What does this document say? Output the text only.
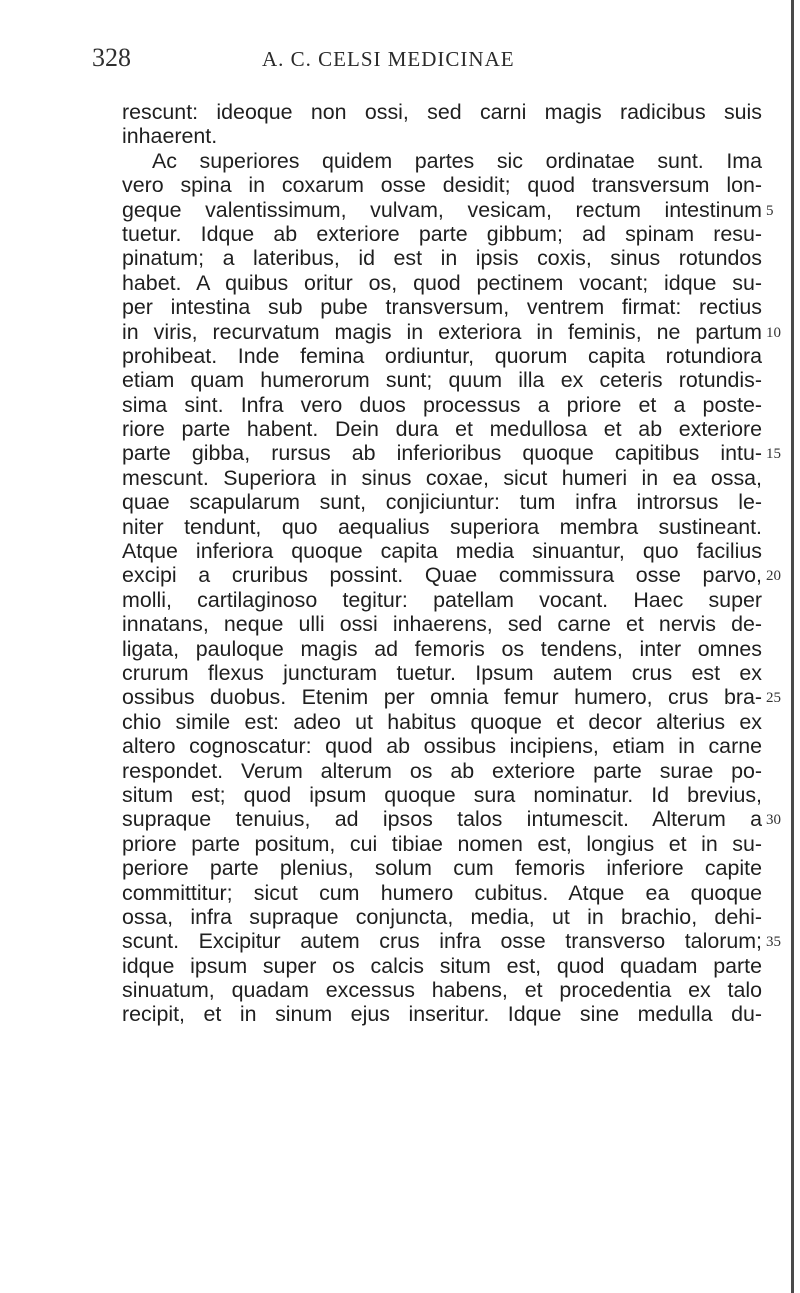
328	A. C. CELSI MEDICINAE
rescunt: ideoque non ossi, sed carni magis radicibus suis
inhaerent.
Ac superiores quidem partes sic ordinatae sunt. Ima
vero spina in coxarum osse desidit; quod transversum lon-
geque valentissimum, vulvam, vesicam, rectum intestinum 5
tuetur. Idque ab exteriore parte gibbum; ad spinam resu-
pinatum; a lateribus, id est in ipsis coxis, sinus rotundos
habet. A quibus oritur os, quod pectinem vocant; idque su-
per intestina sub pube transversum, ventrem firmat: rectius
in viris, recurvatum magis in exteriora in feminis, ne partum 10
prohibeat. Inde femina ordiuntur, quorum capita rotundiora
etiam quam humerorum sunt; quum illa ex ceteris rotundis-
sima sint. Infra vero duos processus a priore et a poste-
riore parte habent. Dein dura et medullosa et ab exteriore
parte gibba, rursus ab inferioribus quoque capitibus intu- 15
mescunt. Superiora in sinus coxae, sicut humeri in ea ossa,
quae scapularum sunt, conjiciuntur: tum infra introrsus le-
niter tendunt, quo aequalius superiora membra sustineant.
Atque inferiora quoque capita media sinuantur, quo facilius
excipi a cruribus possint. Quae commissura osse parvo, 20
molli, cartilaginoso tegitur: patellam vocant. Haec super
innatans, neque ulli ossi inhaerens, sed carne et nervis de-
ligata, pauloque magis ad femoris os tendens, inter omnes
crurum flexus juncturam tuetur. Ipsum autem crus est ex
ossibus duobus. Etenim per omnia femur humero, crus bra- 25
chio simile est: adeo ut habitus quoque et decor alterius ex
altero cognoscatur: quod ab ossibus incipiens, etiam in carne
respondet. Verum alterum os ab exteriore parte surae po-
situm est; quod ipsum quoque sura nominatur. Id brevius,
supraque tenuius, ad ipsos talos intumescit. Alterum a 30
priore parte positum, cui tibiae nomen est, longius et in su-
periore parte plenius, solum cum femoris inferiore capite
committitur; sicut cum humero cubitus. Atque ea quoque
ossa, infra supraque conjuncta, media, ut in brachio, dehi-
scunt. Excipitur autem crus infra osse transverso talorum; 35
idque ipsum super os calcis situm est, quod quadam parte
sinuatum, quadam excessus habens, et procedentia ex talo
recipit, et in sinum ejus inseritur. Idque sine medulla du-
